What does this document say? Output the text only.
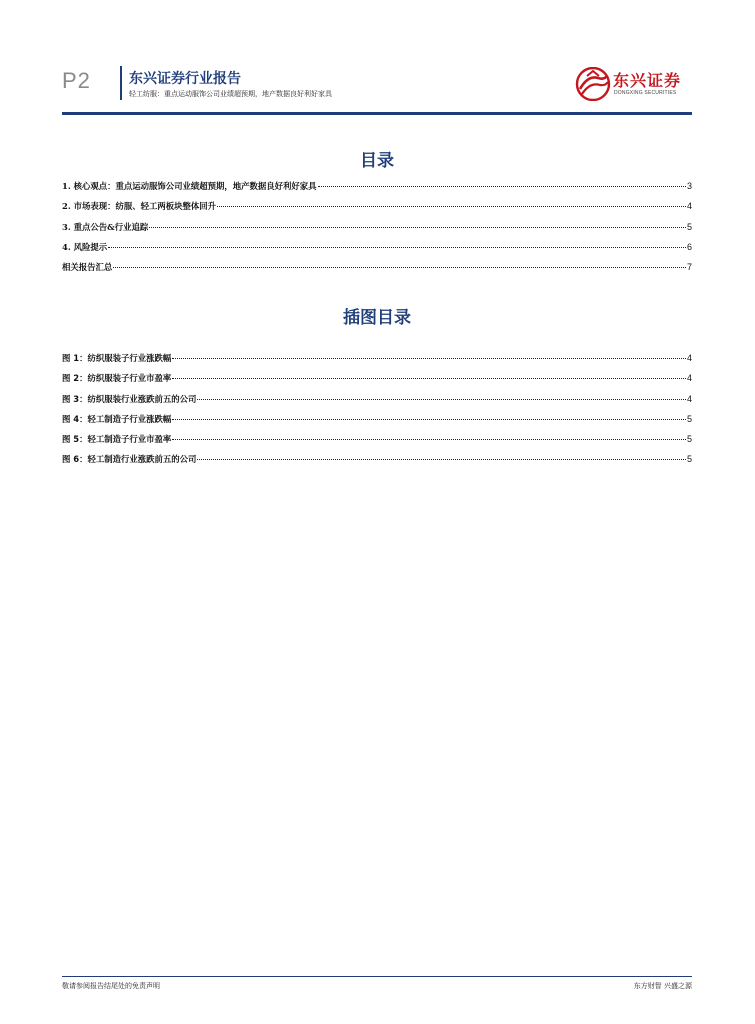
P2	东兴证券行业报告
轻工纺服：重点运动服饰公司业绩超预期，地产数据良好利好家具
东兴证券
DONGXING SECURITIES
目录
1. 核心观点：重点运动服饰公司业绩超预期，地产数据良好利好家具	3
2. 市场表现：纺服、轻工两板块整体回升	4
3. 重点公告&行业追踪	5
4. 风险提示	6
相关报告汇总	7
插图目录
图 1：纺织服装子行业涨跌幅	4
图 2：纺织服装子行业市盈率	4
图 3：纺织服装行业涨跌前五的公司	4
图 4：轻工制造子行业涨跌幅	5
图 5：轻工制造子行业市盈率	5
图 6：轻工制造行业涨跌前五的公司	5
敬请参阅报告结尾处的免责声明	东方财智 兴盛之源
